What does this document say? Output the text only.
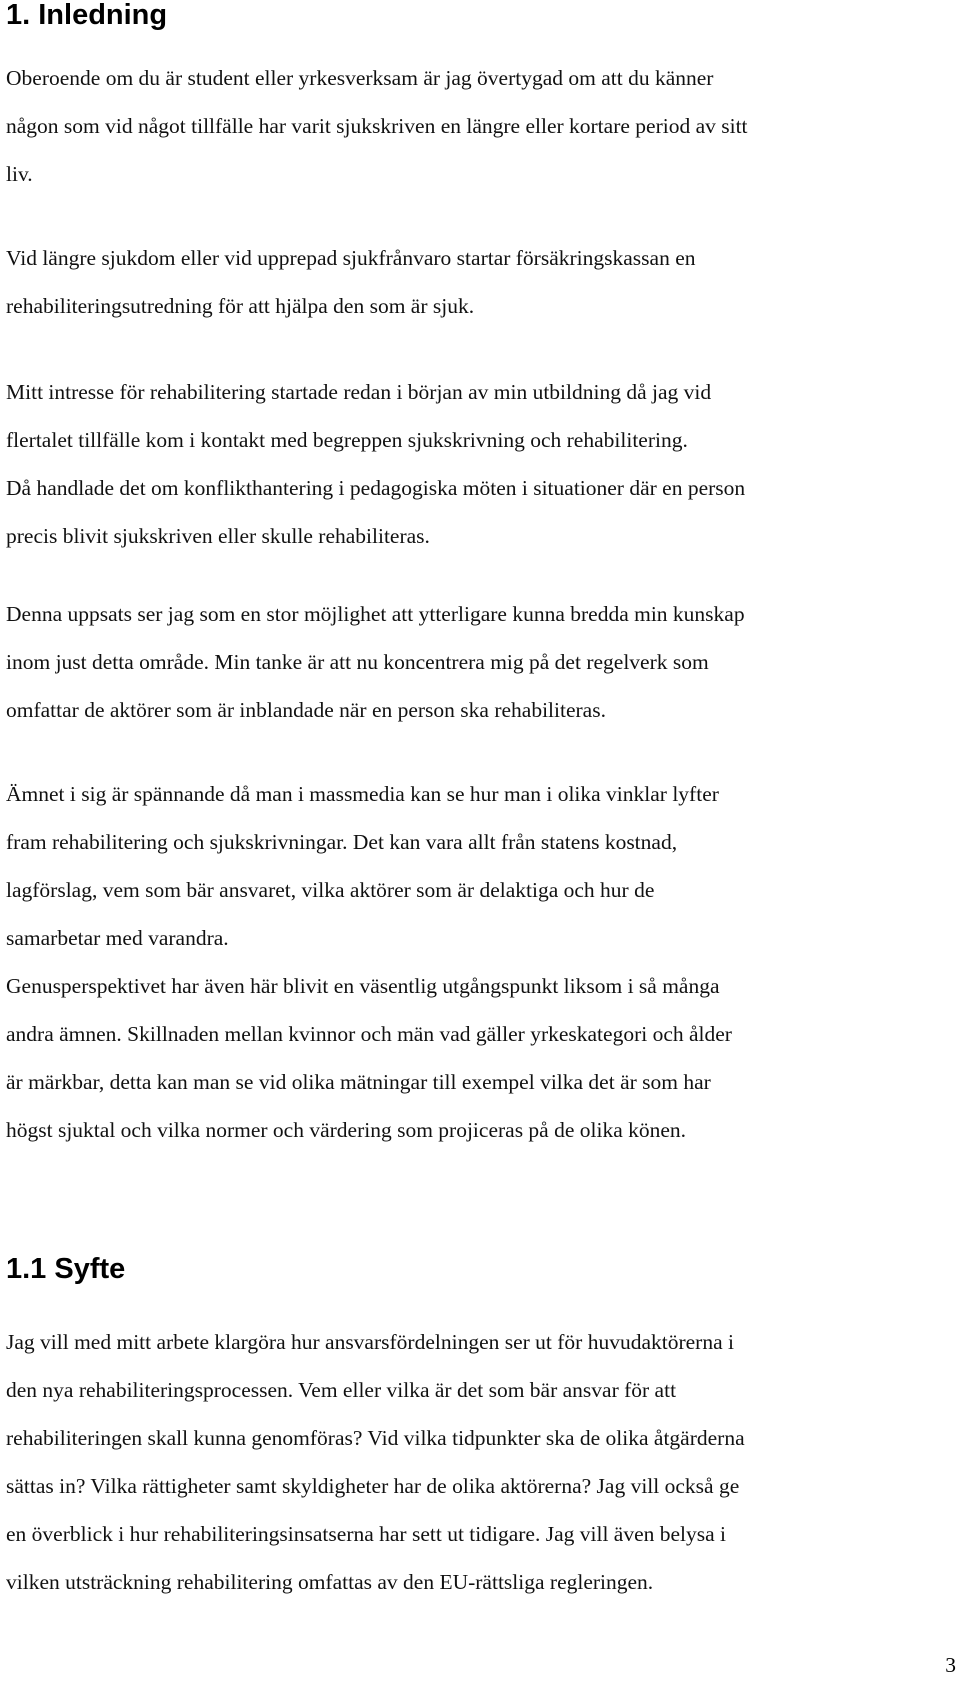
1. Inledning

Oberoende om du är student eller yrkesverksam är jag övertygad om att du känner
någon som vid något tillfälle har varit sjukskriven en längre eller kortare period av sitt
liv.

Vid längre sjukdom eller vid upprepad sjukfrånvaro startar försäkringskassan en
rehabiliteringsutredning för att hjälpa den som är sjuk.

Mitt intresse för rehabilitering startade redan i början av min utbildning då jag vid
flertalet tillfälle kom i kontakt med begreppen sjukskrivning och rehabilitering.
Då handlade det om konflikthantering i pedagogiska möten i situationer där en person
precis blivit sjukskriven eller skulle rehabiliteras.

Denna uppsats ser jag som en stor möjlighet att ytterligare kunna bredda min kunskap
inom just detta område. Min tanke är att nu koncentrera mig på det regelverk som
omfattar de aktörer som är inblandade när en person ska rehabiliteras.

Ämnet i sig är spännande då man i massmedia kan se hur man i olika vinklar lyfter
fram rehabilitering och sjukskrivningar. Det kan vara allt från statens kostnad,
lagförslag, vem som bär ansvaret, vilka aktörer som är delaktiga och hur de
samarbetar med varandra.
Genusperspektivet har även här blivit en väsentlig utgångspunkt liksom i så många
andra ämnen. Skillnaden mellan kvinnor och män vad gäller yrkeskategori och ålder
är märkbar, detta kan man se vid olika mätningar till exempel vilka det är som har
högst sjuktal och vilka normer och värdering som projiceras på de olika könen.

1.1 Syfte

Jag vill med mitt arbete klargöra hur ansvarsfördelningen ser ut för huvudaktörerna i
den nya rehabiliteringsprocessen. Vem eller vilka är det som bär ansvar för att
rehabiliteringen skall kunna genomföras? Vid vilka tidpunkter ska de olika åtgärderna
sättas in? Vilka rättigheter samt skyldigheter har de olika aktörerna? Jag vill också ge
en överblick i hur rehabiliteringsinsatserna har sett ut tidigare. Jag vill även belysa i
vilken utsträckning rehabilitering omfattas av den EU-rättsliga regleringen.

3
